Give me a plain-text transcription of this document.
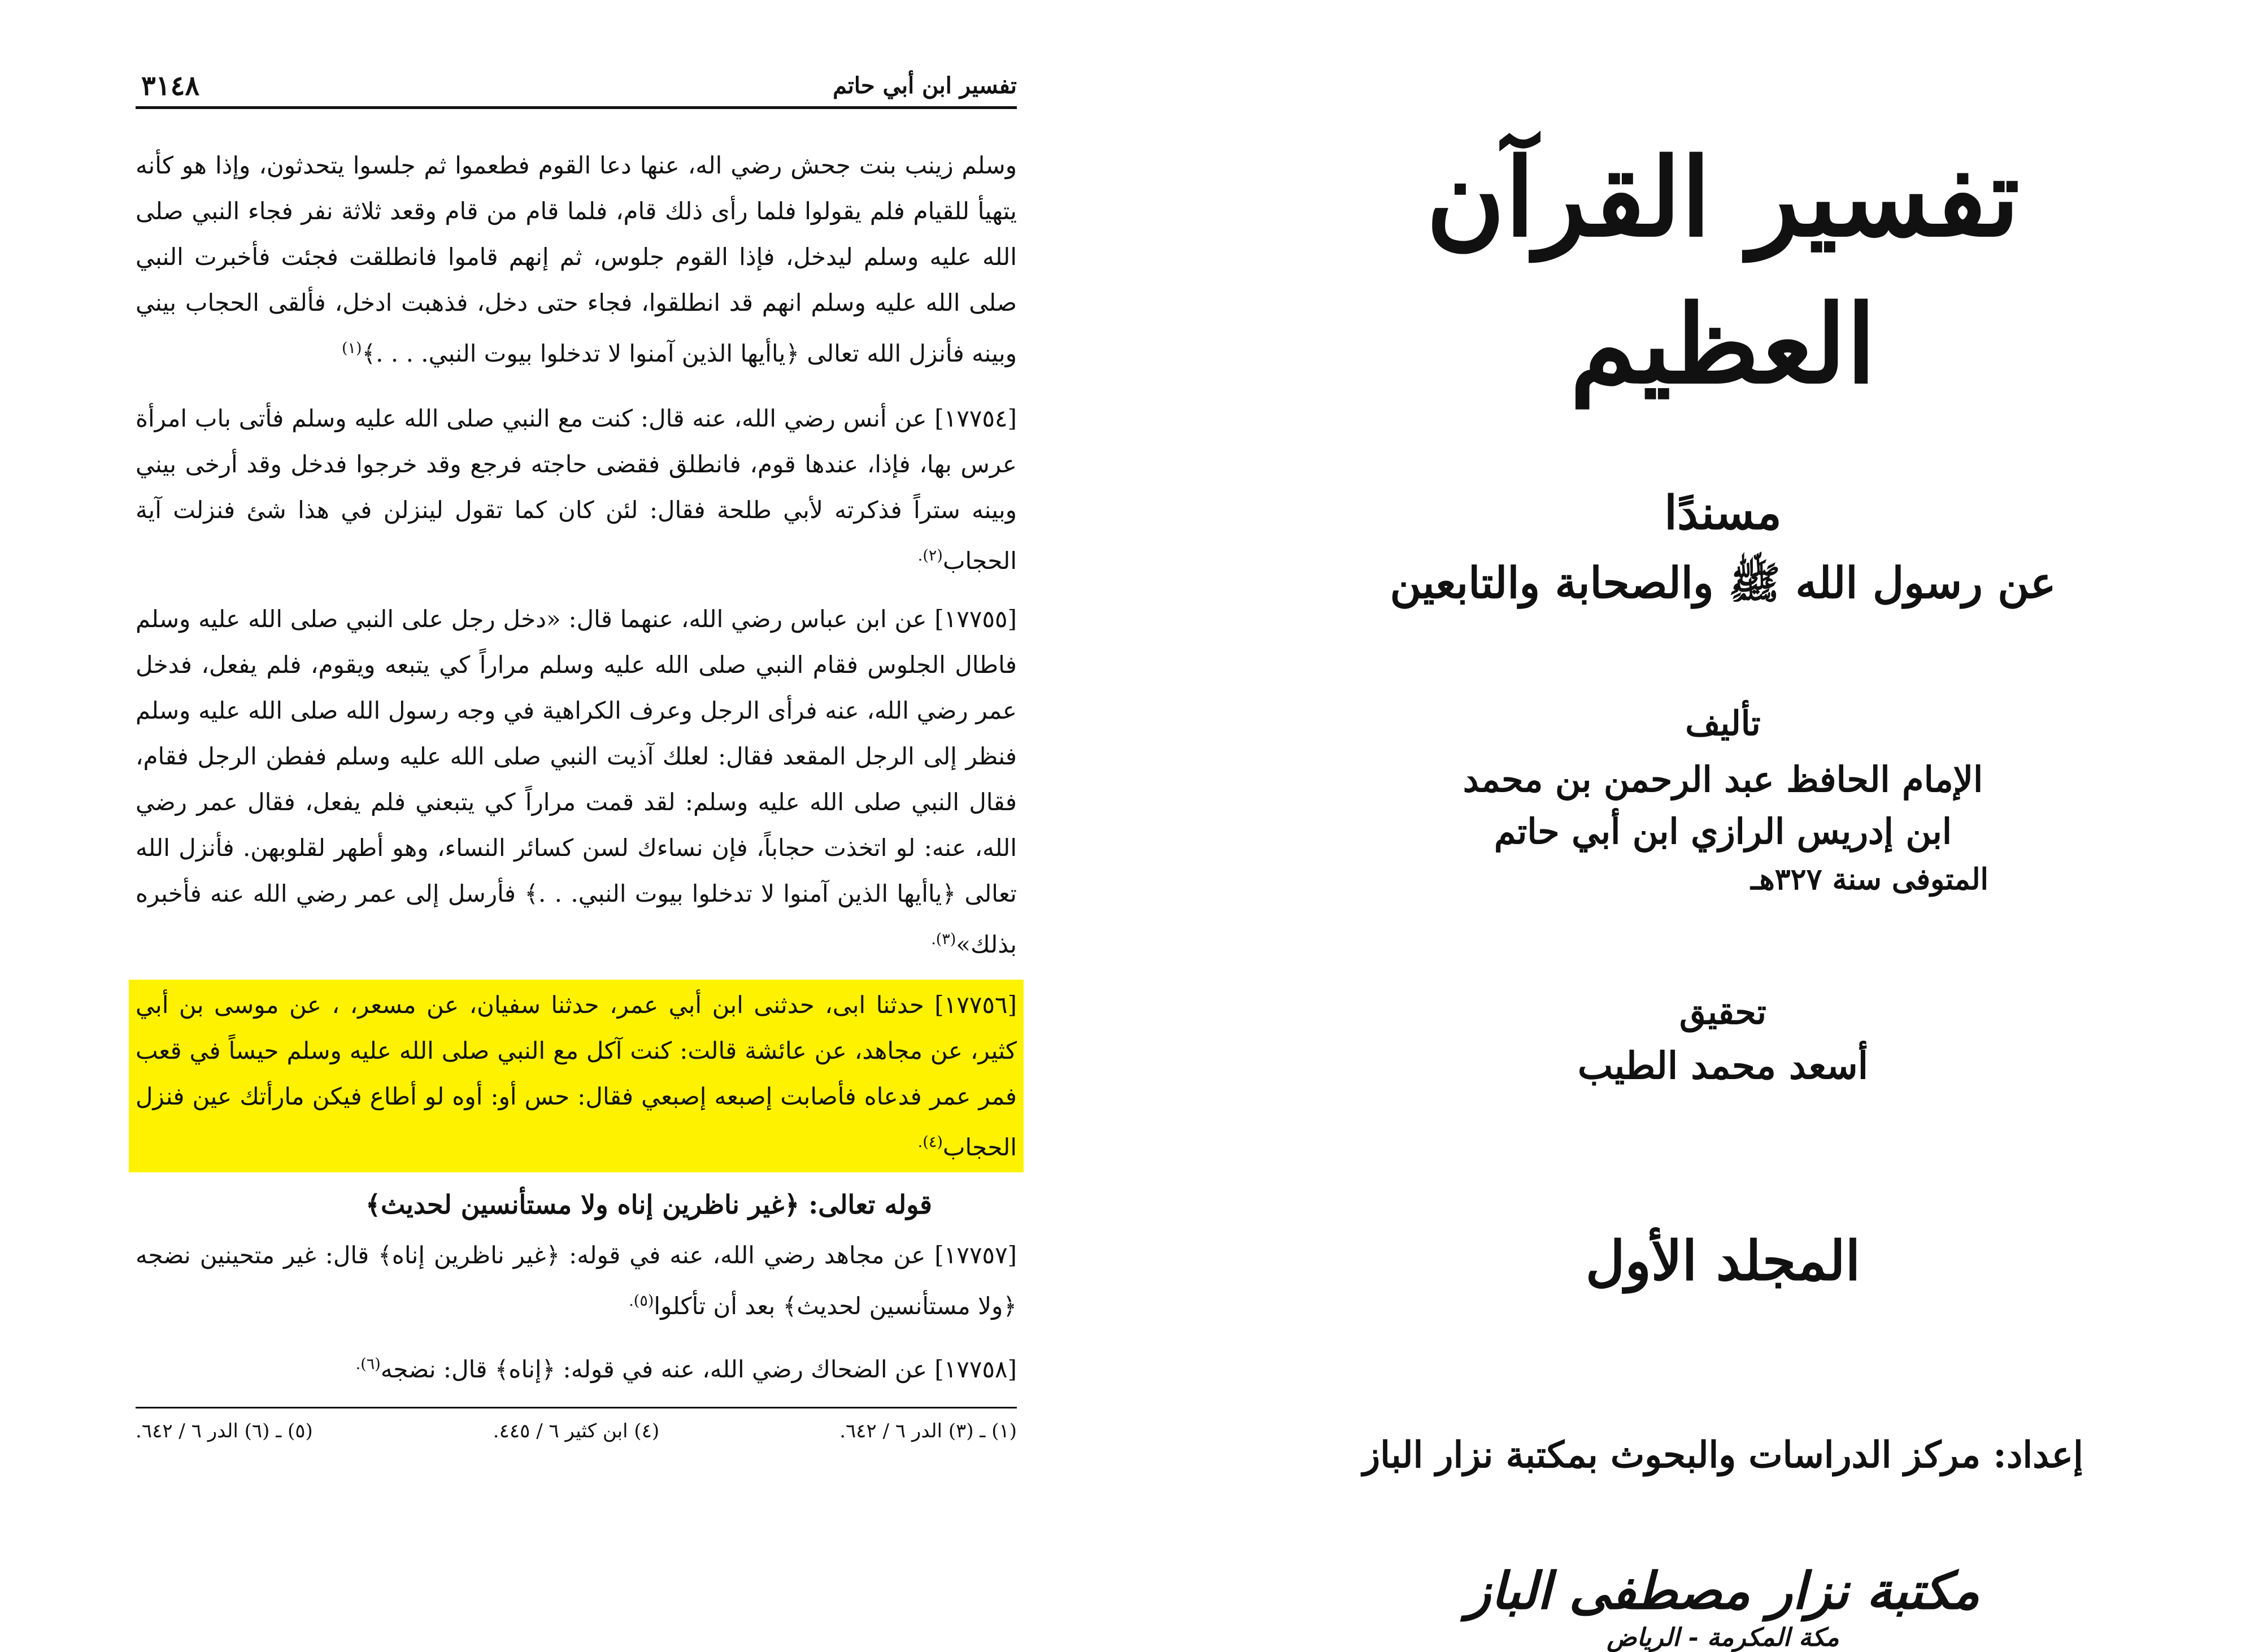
تفسير ابن أبي حاتم
٣١٤٨

وسلم زينب بنت جحش رضي اله، عنها دعا القوم فطعموا ثم جلسوا يتحدثون، وإذا هو كأنه يتهيأ للقيام فلم يقولوا فلما رأى ذلك قام، فلما قام من قام وقعد ثلاثة نفر فجاء النبي صلى الله عليه وسلم ليدخل، فإذا القوم جلوس، ثم إنهم قاموا فانطلقت فجئت فأخبرت النبي صلى الله عليه وسلم انهم قد انطلقوا، فجاء حتى دخل، فذهبت ادخل، فألقى الحجاب بيني وبينه فأنزل الله تعالى ﴿ياأيها الذين آمنوا لا تدخلوا بيوت النبي. . . .﴾$^{(١)}$

[١٧٧٥٤] عن أنس رضي الله، عنه قال: كنت مع النبي صلى الله عليه وسلم فأتى باب امرأة عرس بها، فإذا، عندها قوم، فانطلق فقضى حاجته فرجع وقد خرجوا فدخل وقد أرخى بيني وبينه ستراً فذكرته لأبي طلحة فقال: لئن كان كما تقول لينزلن في هذا شئ فنزلت آية الحجاب$^{(٢).}$

[١٧٧٥٥] عن ابن عباس رضي الله، عنهما قال: «دخل رجل على النبي صلى الله عليه وسلم فاطال الجلوس فقام النبي صلى الله عليه وسلم مراراً كي يتبعه ويقوم، فلم يفعل، فدخل عمر رضي الله، عنه فرأى الرجل وعرف الكراهية في وجه رسول الله صلى الله عليه وسلم فنظر إلى الرجل المقعد فقال: لعلك آذيت النبي صلى الله عليه وسلم ففطن الرجل فقام، فقال النبي صلى الله عليه وسلم: لقد قمت مراراً كي يتبعني فلم يفعل، فقال عمر رضي الله، عنه: لو اتخذت حجاباً، فإن نساءك لسن كسائر النساء، وهو أطهر لقلوبهن. فأنزل الله تعالى ﴿ياأيها الذين آمنوا لا تدخلوا بيوت النبي. . .﴾ فأرسل إلى عمر رضي الله عنه فأخبره بذلك»$^{(٣).}$

[١٧٧٥٦] حدثنا ابى، حدثنى ابن أبي عمر، حدثنا سفيان، عن مسعر، ، عن موسى بن أبي كثير، عن مجاهد، عن عائشة قالت: كنت آكل مع النبي صلى الله عليه وسلم حيساً في قعب فمر عمر فدعاه فأصابت إصبعه إصبعي فقال: حس أو: أوه لو أطاع فيكن مارأتك عين فنزل الحجاب$^{(٤).}$

قوله تعالى: ﴿غير ناظرين إناه ولا مستأنسين لحديث﴾

[١٧٧٥٧] عن مجاهد رضي الله، عنه في قوله: ﴿غير ناظرين إناه﴾ قال: غير متحينين نضجه ﴿ولا مستأنسين لحديث﴾ بعد أن تأكلوا$^{(٥).}$

[١٧٧٥٨] عن الضحاك رضي الله، عنه في قوله: ﴿إناه﴾ قال: نضجه$^{(٦).}$

(١) ـ (٣) الدر ٦ / ٦٤٢.
(٤) ابن كثير ٦ / ٤٤٥.
(٥) ـ (٦) الدر ٦ / ٦٤٢.
تفسير القرآن العظيم
مسندًا
عن رسول الله ﷺ والصحابة والتابعين
تأليف
الإمام الحافظ عبد الرحمن بن محمد
ابن إدريس الرازي ابن أبي حاتم
المتوفى سنة ٣٢٧هـ
تحقيق
أسعد محمد الطيب
المجلد الأول
إعداد: مركز الدراسات والبحوث بمكتبة نزار الباز
مكتبة نزار مصطفى الباز
مكة المكرمة - الرياض
